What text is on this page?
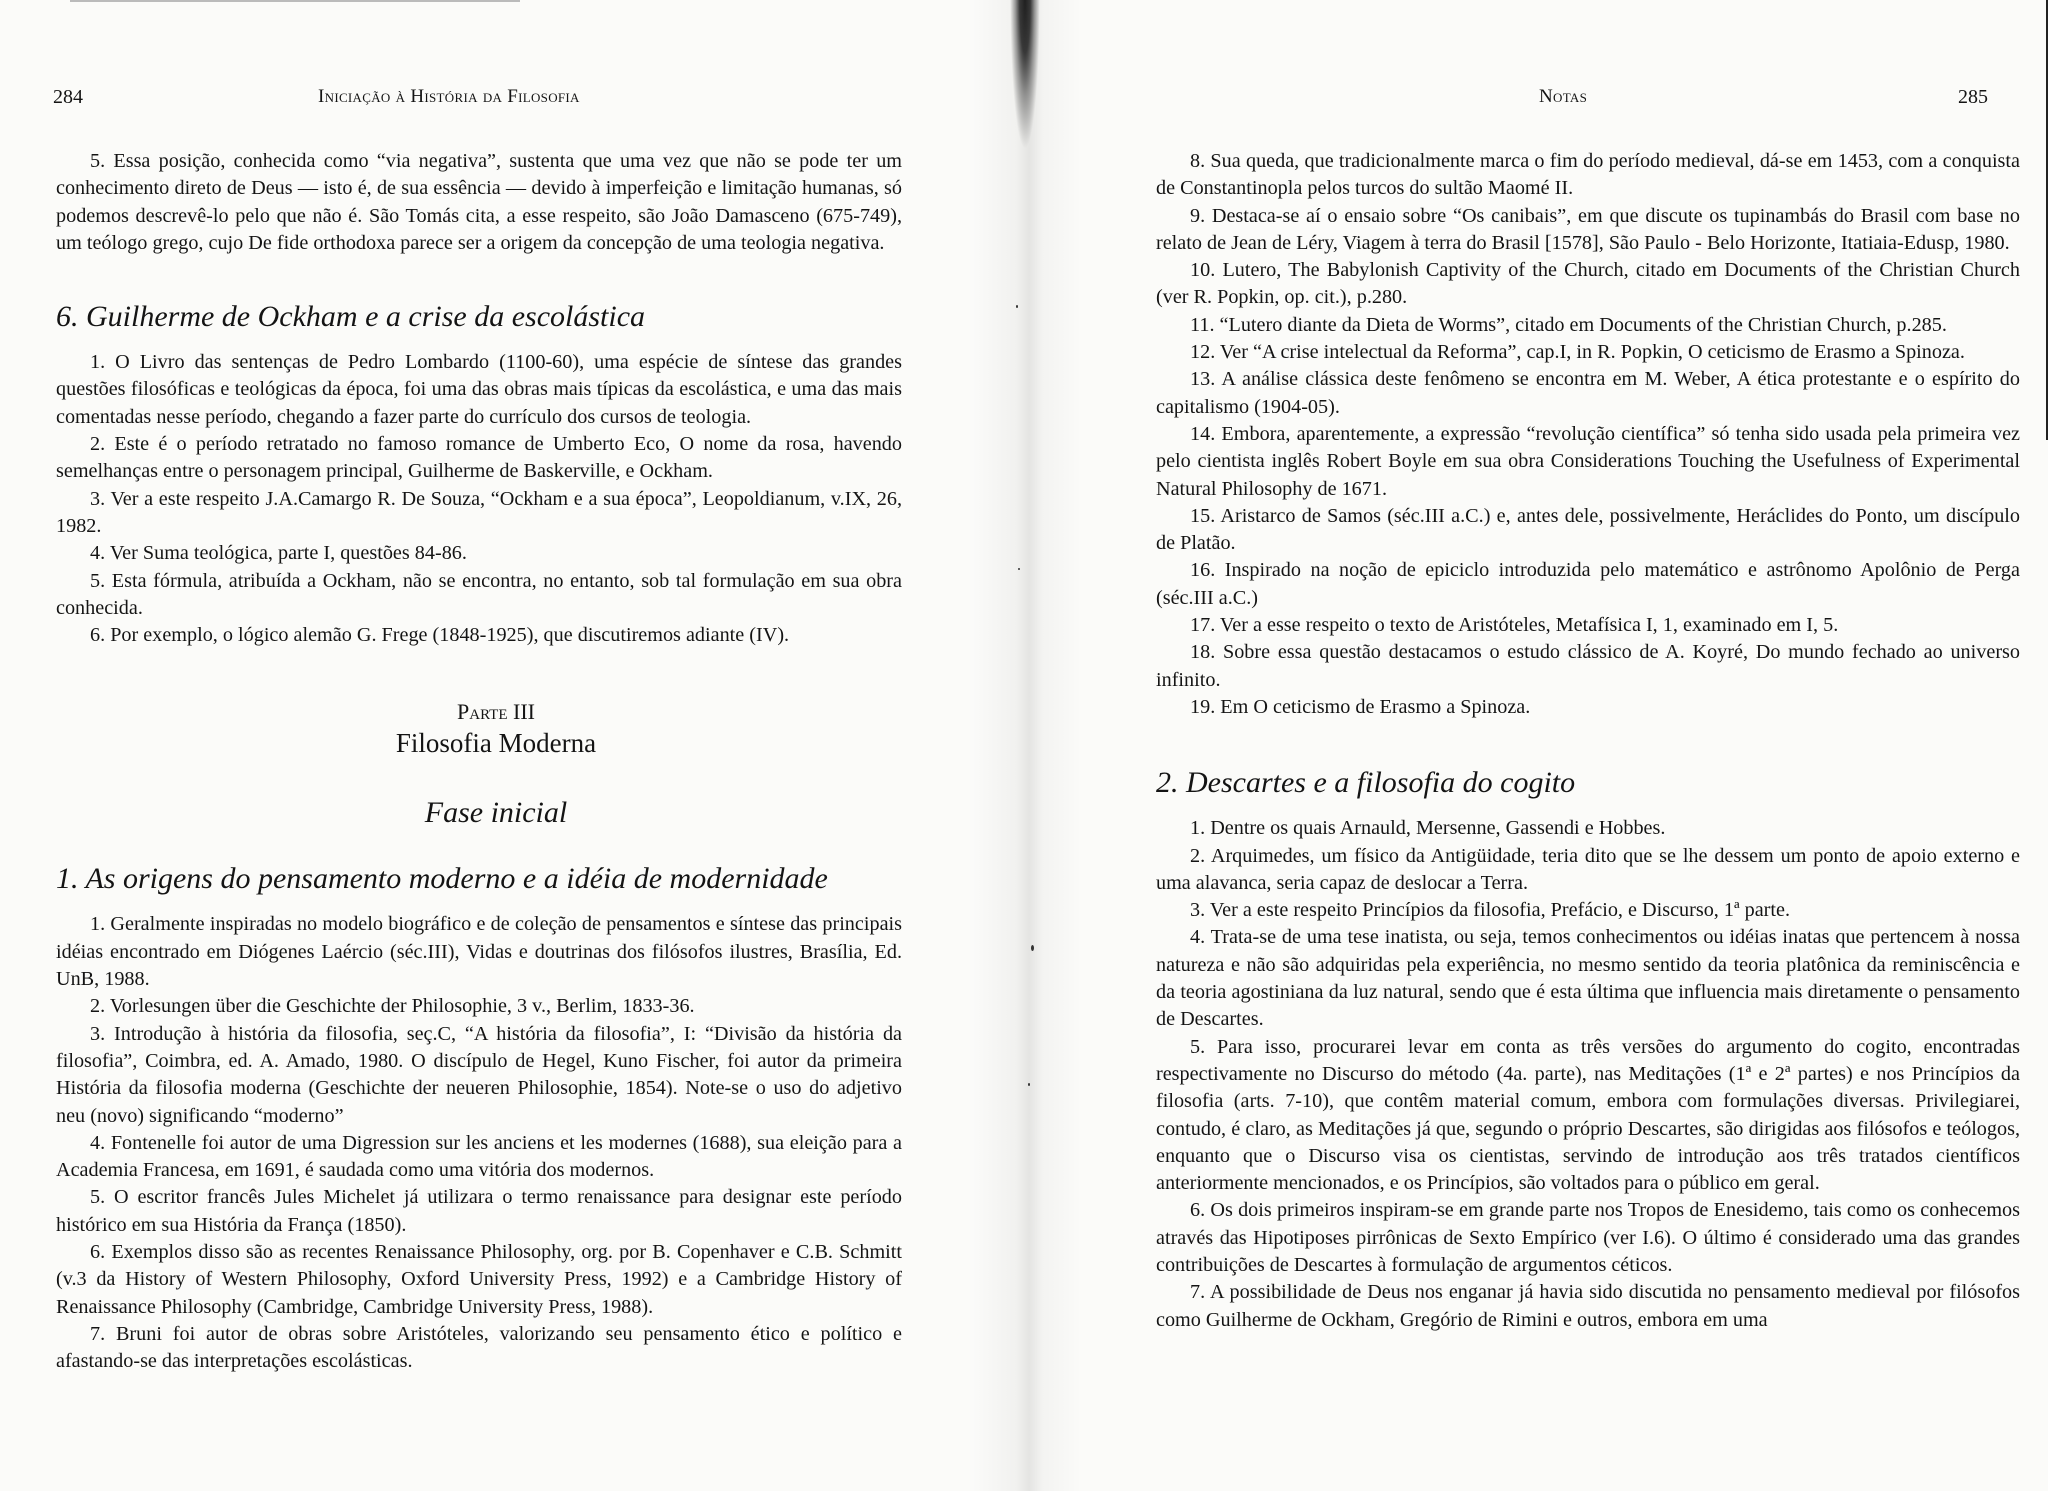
284	Iniciação à História da Filosofia

5. Essa posição, conhecida como “via negativa”, sustenta que uma vez que não se pode ter um conhecimento direto de Deus — isto é, de sua essência — devido à imperfeição e limitação humanas, só podemos descrevê-lo pelo que não é. São Tomás cita, a esse respeito, são João Damasceno (675-749), um teólogo grego, cujo De fide orthodoxa parece ser a origem da concepção de uma teologia negativa.

6. Guilherme de Ockham e a crise da escolástica

1. O Livro das sentenças de Pedro Lombardo (1100-60), uma espécie de síntese das grandes questões filosóficas e teológicas da época, foi uma das obras mais típicas da escolástica, e uma das mais comentadas nesse período, chegando a fazer parte do currículo dos cursos de teologia.

2. Este é o período retratado no famoso romance de Umberto Eco, O nome da rosa, havendo semelhanças entre o personagem principal, Guilherme de Baskerville, e Ockham.

3. Ver a este respeito J.A.Camargo R. De Souza, “Ockham e a sua época”, Leopoldianum, v.IX, 26, 1982.

4. Ver Suma teológica, parte I, questões 84-86.

5. Esta fórmula, atribuída a Ockham, não se encontra, no entanto, sob tal formulação em sua obra conhecida.

6. Por exemplo, o lógico alemão G. Frege (1848-1925), que discutiremos adiante (IV).

Parte III

Filosofia Moderna

Fase inicial

1. As origens do pensamento moderno e a idéia de modernidade

1. Geralmente inspiradas no modelo biográfico e de coleção de pensamentos e síntese das principais idéias encontrado em Diógenes Laércio (séc.III), Vidas e doutrinas dos filósofos ilustres, Brasília, Ed. UnB, 1988.

2. Vorlesungen über die Geschichte der Philosophie, 3 v., Berlim, 1833-36.

3. Introdução à história da filosofia, seç.C, “A história da filosofia”, I: “Divisão da história da filosofia”, Coimbra, ed. A. Amado, 1980. O discípulo de Hegel, Kuno Fischer, foi autor da primeira História da filosofia moderna (Geschichte der neueren Philosophie, 1854). Note-se o uso do adjetivo neu (novo) significando “moderno”

4. Fontenelle foi autor de uma Digression sur les anciens et les modernes (1688), sua eleição para a Academia Francesa, em 1691, é saudada como uma vitória dos modernos.

5. O escritor francês Jules Michelet já utilizara o termo renaissance para designar este período histórico em sua História da França (1850).

6. Exemplos disso são as recentes Renaissance Philosophy, org. por B. Copenhaver e C.B. Schmitt (v.3 da History of Western Philosophy, Oxford University Press, 1992) e a Cambridge History of Renaissance Philosophy (Cambridge, Cambridge University Press, 1988).

7. Bruni foi autor de obras sobre Aristóteles, valorizando seu pensamento ético e político e afastando-se das interpretações escolásticas.

Notas	285

8. Sua queda, que tradicionalmente marca o fim do período medieval, dá-se em 1453, com a conquista de Constantinopla pelos turcos do sultão Maomé II.

9. Destaca-se aí o ensaio sobre “Os canibais”, em que discute os tupinambás do Brasil com base no relato de Jean de Léry, Viagem à terra do Brasil [1578], São Paulo - Belo Horizonte, Itatiaia-Edusp, 1980.

10. Lutero, The Babylonish Captivity of the Church, citado em Documents of the Christian Church (ver R. Popkin, op. cit.), p.280.

11. “Lutero diante da Dieta de Worms”, citado em Documents of the Christian Church, p.285.

12. Ver “A crise intelectual da Reforma”, cap.I, in R. Popkin, O ceticismo de Erasmo a Spinoza.

13. A análise clássica deste fenômeno se encontra em M. Weber, A ética protestante e o espírito do capitalismo (1904-05).

14. Embora, aparentemente, a expressão “revolução científica” só tenha sido usada pela primeira vez pelo cientista inglês Robert Boyle em sua obra Considerations Touching the Usefulness of Experimental Natural Philosophy de 1671.

15. Aristarco de Samos (séc.III a.C.) e, antes dele, possivelmente, Heráclides do Ponto, um discípulo de Platão.

16. Inspirado na noção de epiciclo introduzida pelo matemático e astrônomo Apolônio de Perga (séc.III a.C.)

17. Ver a esse respeito o texto de Aristóteles, Metafísica I, 1, examinado em I, 5.

18. Sobre essa questão destacamos o estudo clássico de A. Koyré, Do mundo fechado ao universo infinito.

19. Em O ceticismo de Erasmo a Spinoza.

2. Descartes e a filosofia do cogito

1. Dentre os quais Arnauld, Mersenne, Gassendi e Hobbes.

2. Arquimedes, um físico da Antigüidade, teria dito que se lhe dessem um ponto de apoio externo e uma alavanca, seria capaz de deslocar a Terra.

3. Ver a este respeito Princípios da filosofia, Prefácio, e Discurso, 1ª parte.

4. Trata-se de uma tese inatista, ou seja, temos conhecimentos ou idéias inatas que pertencem à nossa natureza e não são adquiridas pela experiência, no mesmo sentido da teoria platônica da reminiscência e da teoria agostiniana da luz natural, sendo que é esta última que influencia mais diretamente o pensamento de Descartes.

5. Para isso, procurarei levar em conta as três versões do argumento do cogito, encontradas respectivamente no Discurso do método (4a. parte), nas Meditações (1ª e 2ª partes) e nos Princípios da filosofia (arts. 7-10), que contêm material comum, embora com formulações diversas. Privilegiarei, contudo, é claro, as Meditações já que, segundo o próprio Descartes, são dirigidas aos filósofos e teólogos, enquanto que o Discurso visa os cientistas, servindo de introdução aos três tratados científicos anteriormente mencionados, e os Princípios, são voltados para o público em geral.

6. Os dois primeiros inspiram-se em grande parte nos Tropos de Enesidemo, tais como os conhecemos através das Hipotiposes pirrônicas de Sexto Empírico (ver I.6). O último é considerado uma das grandes contribuições de Descartes à formulação de argumentos céticos.

7. A possibilidade de Deus nos enganar já havia sido discutida no pensamento medieval por filósofos como Guilherme de Ockham, Gregório de Rimini e outros, embora em uma
